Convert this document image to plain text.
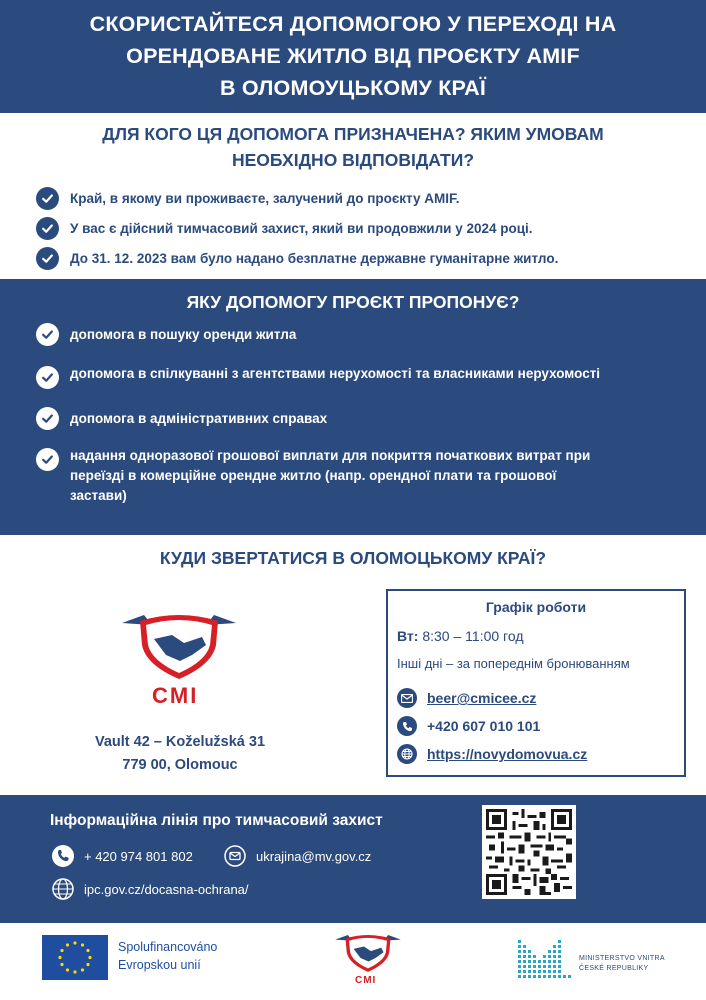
СКОРИСТАЙТЕСЯ ДОПОМОГОЮ У ПЕРЕХОДІ НА
ОРЕНДОВАНЕ ЖИТЛО ВІД ПРОЄКТУ AMIF
В ОЛОМОУЦЬКОМУ КРАЇ
ДЛЯ КОГО ЦЯ ДОПОМОГА ПРИЗНАЧЕНА? ЯКИМ УМОВАМ
НЕОБХІДНО ВІДПОВІДАТИ?
Край, в якому ви проживаєте, залучений до проєкту AMIF.
У вас є дійсний тимчасовий захист, який ви продовжили у 2024 році.
До 31. 12. 2023 вам було надано безплатне державне гуманітарне житло.
ЯКУ ДОПОМОГУ ПРОЄКТ ПРОПОНУЄ?
допомога в пошуку оренди житла
допомога в спілкуванні з агентствами нерухомості та власниками нерухомості
допомога в адміністративних справах
надання одноразової грошової виплати для покриття початкових витрат при переїзді в комерційне орендне житло (напр. орендної плати та грошової застави)
КУДИ ЗВЕРТАТИСЯ В ОЛОМОЦЬКОМУ КРАЇ?
CMI
Vault 42 – Koželužská 31
779 00, Olomouc
Графік роботи
Вт: 8:30 – 11:00 год
Інші дні – за попереднім бронюванням
beer@cmicee.cz
+420 607 010 101
https://novydomovua.cz
Інформаційна лінія про тимчасовий захист
+ 420 974 801 802	ukrajina@mv.gov.cz
ipc.gov.cz/docasna-ochrana/
Spolufinancováno
Evropskou unií
CMI
MINISTERSTVO VNITRA
ČESKÉ REPUBLIKY
